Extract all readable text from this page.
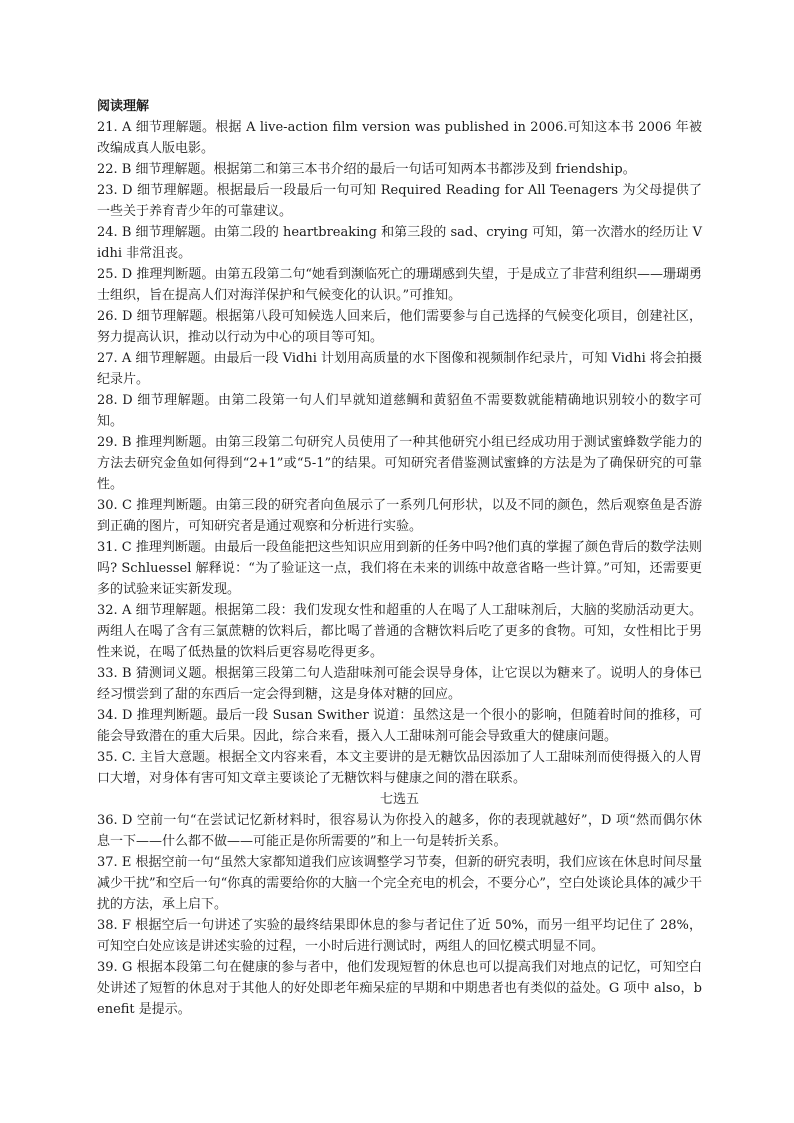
阅读理解

21. A 细节理解题。根据 A live-action film version was published in 2006.可知这本书 2006 年被改编成真人版电影。

22. B 细节理解题。根据第二和第三本书介绍的最后一句话可知两本书都涉及到 friendship。

23. D 细节理解题。根据最后一段最后一句可知 Required Reading for All Teenagers 为父母提供了一些关于养育青少年的可靠建议。

24. B 细节理解题。由第二段的 heartbreaking 和第三段的 sad、crying 可知，第一次潜水的经历让 Vidhi 非常沮丧。

25. D 推理判断题。由第五段第二句“她看到濒临死亡的珊瑚感到失望，于是成立了非营利组织——珊瑚勇士组织，旨在提高人们对海洋保护和气候变化的认识。”可推知。

26. D 细节理解题。根据第八段可知候选人回来后，他们需要参与自己选择的气候变化项目，创建社区，努力提高认识，推动以行动为中心的项目等可知。

27. A 细节理解题。由最后一段 Vidhi 计划用高质量的水下图像和视频制作纪录片，可知 Vidhi 将会拍摄纪录片。

28. D 细节理解题。由第二段第一句人们早就知道慈鲷和黄貂鱼不需要数就能精确地识别较小的数字可知。

29. B 推理判断题。由第三段第二句研究人员使用了一种其他研究小组已经成功用于测试蜜蜂数学能力的方法去研究金鱼如何得到“2+1”或“5-1”的结果。可知研究者借鉴测试蜜蜂的方法是为了确保研究的可靠性。

30. C 推理判断题。由第三段的研究者向鱼展示了一系列几何形状，以及不同的颜色，然后观察鱼是否游到正确的图片，可知研究者是通过观察和分析进行实验。

31. C 推理判断题。由最后一段鱼能把这些知识应用到新的任务中吗?他们真的掌握了颜色背后的数学法则吗? Schluessel 解释说：“为了验证这一点，我们将在未来的训练中故意省略一些计算。”可知，还需要更多的试验来证实新发现。

32. A 细节理解题。根据第二段：我们发现女性和超重的人在喝了人工甜味剂后，大脑的奖励活动更大。两组人在喝了含有三氯蔗糖的饮料后，都比喝了普通的含糖饮料后吃了更多的食物。可知，女性相比于男性来说，在喝了低热量的饮料后更容易吃得更多。

33. B 猜测词义题。根据第三段第二句人造甜味剂可能会误导身体，让它误以为糖来了。说明人的身体已经习惯尝到了甜的东西后一定会得到糖，这是身体对糖的回应。

34. D 推理判断题。最后一段 Susan Swither 说道：虽然这是一个很小的影响，但随着时间的推移，可能会导致潜在的重大后果。因此，综合来看，摄入人工甜味剂可能会导致重大的健康问题。

35. C. 主旨大意题。根据全文内容来看，本文主要讲的是无糖饮品因添加了人工甜味剂而使得摄入的人胃口大增，对身体有害可知文章主要谈论了无糖饮料与健康之间的潜在联系。

七选五

36. D 空前一句“在尝试记忆新材料时，很容易认为你投入的越多，你的表现就越好”，D 项“然而偶尔休息一下——什么都不做——可能正是你所需要的”和上一句是转折关系。

37. E 根据空前一句“虽然大家都知道我们应该调整学习节奏，但新的研究表明，我们应该在休息时间尽量减少干扰”和空后一句“你真的需要给你的大脑一个完全充电的机会，不要分心”，空白处谈论具体的减少干扰的方法，承上启下。

38. F 根据空后一句讲述了实验的最终结果即休息的参与者记住了近 50%，而另一组平均记住了 28%，可知空白处应该是讲述实验的过程，一小时后进行测试时，两组人的回忆模式明显不同。

39. G 根据本段第二句在健康的参与者中，他们发现短暂的休息也可以提高我们对地点的记忆，可知空白处讲述了短暂的休息对于其他人的好处即老年痴呆症的早期和中期患者也有类似的益处。G 项中 also，benefit 是提示。
